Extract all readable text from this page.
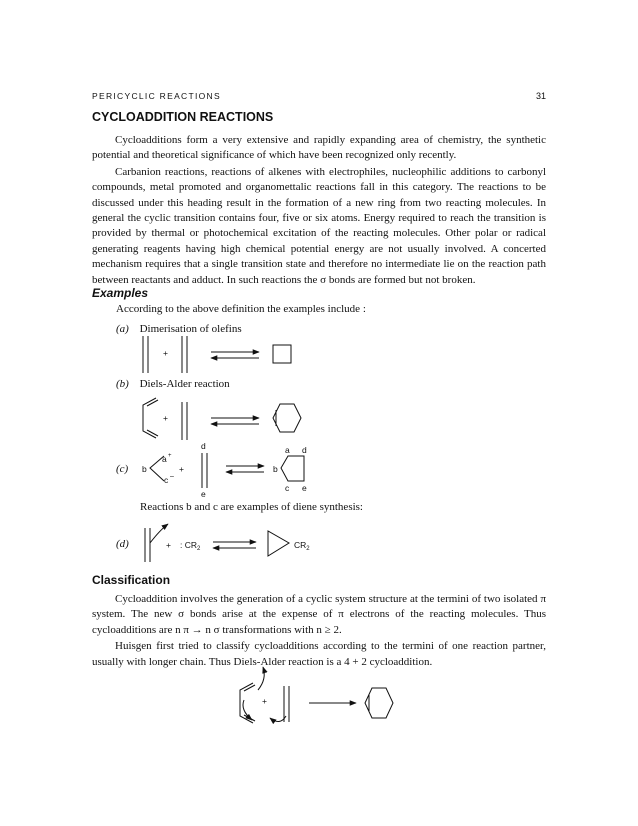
PERICYCLIC REACTIONS	31
CYCLOADDITION REACTIONS

Cycloadditions form a very extensive and rapidly expanding area of chemistry, the synthetic potential and theoretical significance of which have been recognized only recently.

Carbanion reactions, reactions of alkenes with electrophiles, nucleophilic additions to carbonyl compounds, metal promoted and organomettalic reactions fall in this category. The reactions to be discussed under this heading result in the formation of a new ring from two reacting molecules. In general the cyclic transition contains four, five or six atoms. Energy required to reach the transition is provided by thermal or photochemical excitation of the reacting molecules. Other polar or radical generating reagents having high chemical potential energy are not usually involved. A concerted mechanism requires that a single transition state and therefore no intermediate lie on the reaction path between reactants and adduct. In such reactions the σ bonds are formed but not broken.

Examples
According to the above definition the examples include :
(a) Dimerisation of olefins
(b) Diels-Alder reaction
(c)
Reactions b and c are examples of diene synthesis:
(d)
Classification

Cycloaddition involves the generation of a cyclic system structure at the termini of two isolated π system. The new σ bonds arise at the expense of π electrons of the reacting molecules. Thus cycloadditions are n π → n σ transformations with n ≥ 2.

Huisgen first tried to classify cycloadditions according to the termini of one reaction partner, usually with longer chain. Thus Diels-Alder reaction is a 4 + 2 cycloaddition.

+
+
+
b
a +
c –
d
e
a d
b
c e
+ : $CR_2$	$CR_2$
+
